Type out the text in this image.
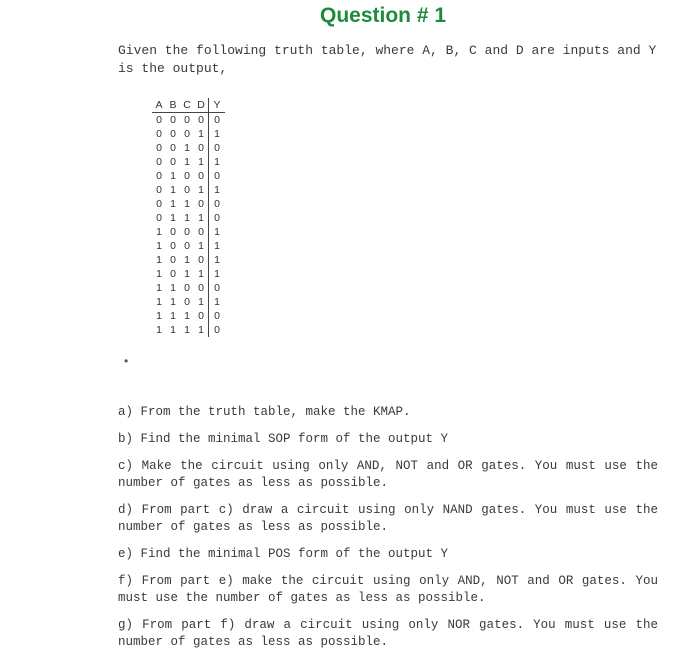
Question # 1

Given the following truth table, where A, B, C and D are inputs and Y is the output,

A	B	C	D	Y
0	0	0	0	0
0	0	0	1	1
0	0	1	0	0
0	0	1	1	1
0	1	0	0	0
0	1	0	1	1
0	1	1	0	0
0	1	1	1	0
1	0	0	0	1
1	0	0	1	1
1	0	1	0	1
1	0	1	1	1
1	1	0	0	0
1	1	0	1	1
1	1	1	0	0
1	1	1	1	0
•
a) From the truth table, make the KMAP.
b) Find the minimal SOP form of the output Y
c) Make the circuit using only AND, NOT and OR gates. You must use the number of gates as less as possible.
d) From part c) draw a circuit using only NAND gates. You must use the number of gates as less as possible.
e) Find the minimal POS form of the output Y
f) From part e) make the circuit using only AND, NOT and OR gates. You must use the number of gates as less as possible.
g) From part f) draw a circuit using only NOR gates. You must use the number of gates as less as possible.
